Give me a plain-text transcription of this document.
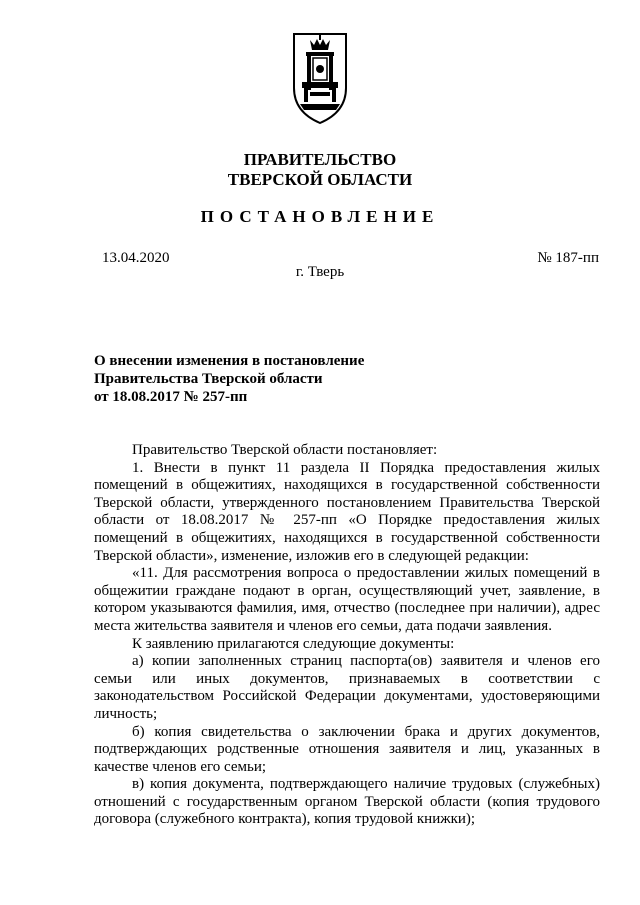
ПРАВИТЕЛЬСТВО
ТВЕРСКОЙ ОБЛАСТИ
ПОСТАНОВЛЕНИЕ
13.04.2020	№ 187-пп
г. Тверь
О внесении изменения в постановление
Правительства Тверской области
от 18.08.2017 № 257-пп

Правительство Тверской области постановляет:

1. Внести в пункт 11 раздела II Порядка предоставления жилых помещений в общежитиях, находящихся в государственной собственности Тверской области, утвержденного постановлением Правительства Тверской области от 18.08.2017 № 257-пп «О Порядке предоставления жилых помещений в общежитиях, находящихся в государственной собственности Тверской области», изменение, изложив его в следующей редакции:

«11. Для рассмотрения вопроса о предоставлении жилых помещений в общежитии граждане подают в орган, осуществляющий учет, заявление, в котором указываются фамилия, имя, отчество (последнее при наличии), адрес места жительства заявителя и членов его семьи, дата подачи заявления.

К заявлению прилагаются следующие документы:

а) копии заполненных страниц паспорта(ов) заявителя и членов его семьи или иных документов, признаваемых в соответствии с законодательством Российской Федерации документами, удостоверяющими личность;

б) копия свидетельства о заключении брака и других документов, подтверждающих родственные отношения заявителя и лиц, указанных в качестве членов его семьи;

в) копия документа, подтверждающего наличие трудовых (служебных) отношений с государственным органом Тверской области (копия трудового договора (служебного контракта), копия трудовой книжки);
